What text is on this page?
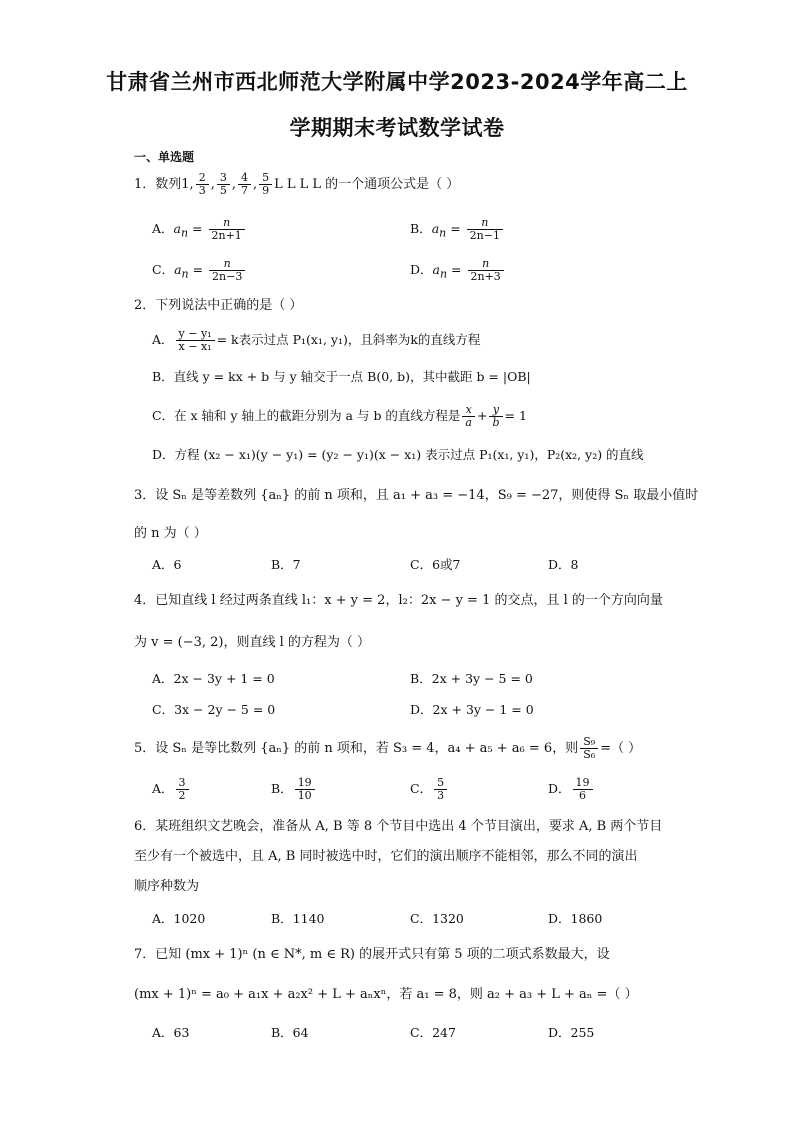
甘肃省兰州市西北师范大学附属中学2023-2024学年高二上
学期期末考试数学试卷
一、单选题
1．数列1, $\frac{2}{3}$ , $\frac{3}{5}$ , $\frac{4}{7}$ , $\frac{5}{9}$ L L L L 的一个通项公式是（ ）
A．$a_n = \frac{n}{2n+1}$	B．$a_n = \frac{n}{2n-1}$
C．$a_n = \frac{n}{2n-3}$	D．$a_n = \frac{n}{2n+3}$
2．下列说法中正确的是（ ）
A． $\frac{\text{y − y₁}}{\text{x − x₁}} = k$表示过点 P₁(x₁, y₁)，且斜率为k的直线方程
B．直线 y = kx + b 与 y 轴交于一点 B(0, b)，其中截距 b = |OB|
C．在 x 轴和 y 轴上的截距分别为 a 与 b 的直线方程是 $\frac{x}{a} + \frac{y}{b} = 1$
D．方程 (x₂ − x₁)(y − y₁) = (y₂ − y₁)(x − x₁) 表示过点 P₁(x₁, y₁)，P₂(x₂, y₂) 的直线
3．设 Sₙ 是等差数列 {aₙ} 的前 n 项和，且 a₁ + a₃ = −14，S₉ = −27，则使得 Sₙ 取最小值时
的 n 为（ ）
A．6	B．7	C．6或7	D．8
4．已知直线 l 经过两条直线 l₁：x + y = 2，l₂：2x − y = 1 的交点，且 l 的一个方向向量
为 v = (−3, 2)，则直线 l 的方程为（ ）
A．2x − 3y + 1 = 0	B．2x + 3y − 5 = 0
C．3x − 2y − 5 = 0	D．2x + 3y − 1 = 0
5．设 Sₙ 是等比数列 {aₙ} 的前 n 项和，若 S₃ = 4，a₄ + a₅ + a₆ = 6，则 $\frac{\text{S₉}}{\text{S₆}}$ =（ ）
A． $\frac{3}{2}$	B． $\frac{19}{10}$	C． $\frac{5}{3}$	D． $\frac{19}{6}$
6．某班组织文艺晚会，准备从 A, B 等 8 个节目中选出 4 个节目演出，要求 A, B 两个节目
至少有一个被选中，且 A, B 同时被选中时，它们的演出顺序不能相邻，那么不同的演出
顺序种数为
A．1020	B．1140	C．1320	D．1860
7．已知 (mx + 1)ⁿ (n ∈ N*, m ∈ R) 的展开式只有第 5 项的二项式系数最大，设
(mx + 1)ⁿ = a₀ + a₁x + a₂x² + L + aₙxⁿ，若 a₁ = 8，则 a₂ + a₃ + L + aₙ =（ ）
A．63	B．64	C．247	D．255
